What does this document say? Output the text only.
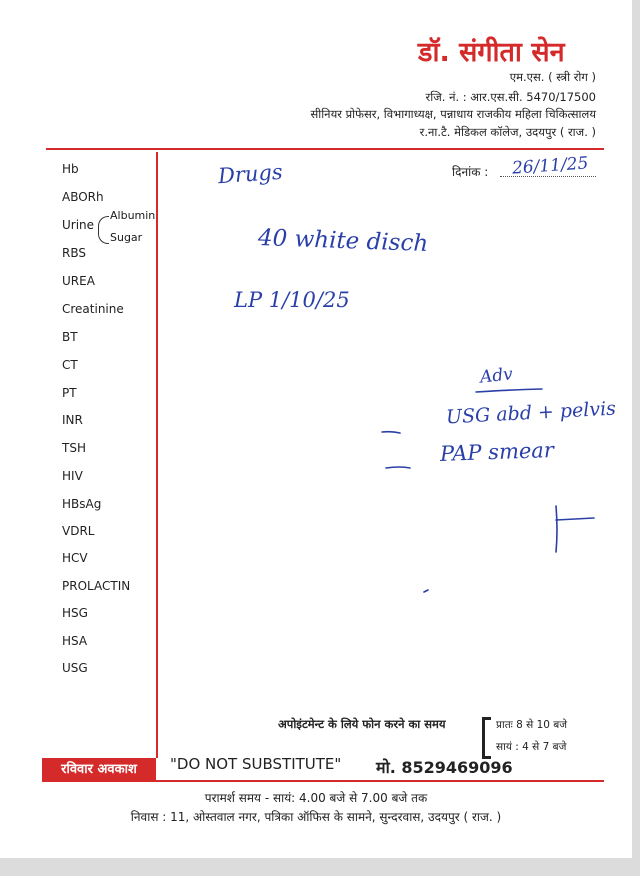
डॉ. संगीता सेन
एम.एस. ( स्त्री रोग )
रजि. नं. : आर.एस.सी. 5470/17500
सीनियर प्रोफेसर, विभागाध्यक्ष, पन्नाधाय राजकीय महिला चिकित्सालय
र.ना.टै. मेडिकल कॉलेज, उदयपुर ( राज. )
Hb
ABORh
Urine
Albumin
Sugar
RBS
UREA
Creatinine
BT
CT
PT
INR
TSH
HIV
HBsAg
VDRL
HCV
PROLACTIN
HSG
HSA
USG
दिनांक : 26/11/25
Drugs
40 white disch
LP 1/10/25
Adv
USG abd + pelvis
PAP smear
अपोइंटमेन्ट के लिये फोन करने का समय	प्रातः 8 से 10 बजे
सायं : 4 से 7 बजे
रविवार अवकाश	"DO NOT SUBSTITUTE" मो. 8529469096
परामर्श समय - सायं: 4.00 बजे से 7.00 बजे तक
निवास : 11, ओस्तवाल नगर, पत्रिका ऑफिस के सामने, सुन्दरवास, उदयपुर ( राज. )
